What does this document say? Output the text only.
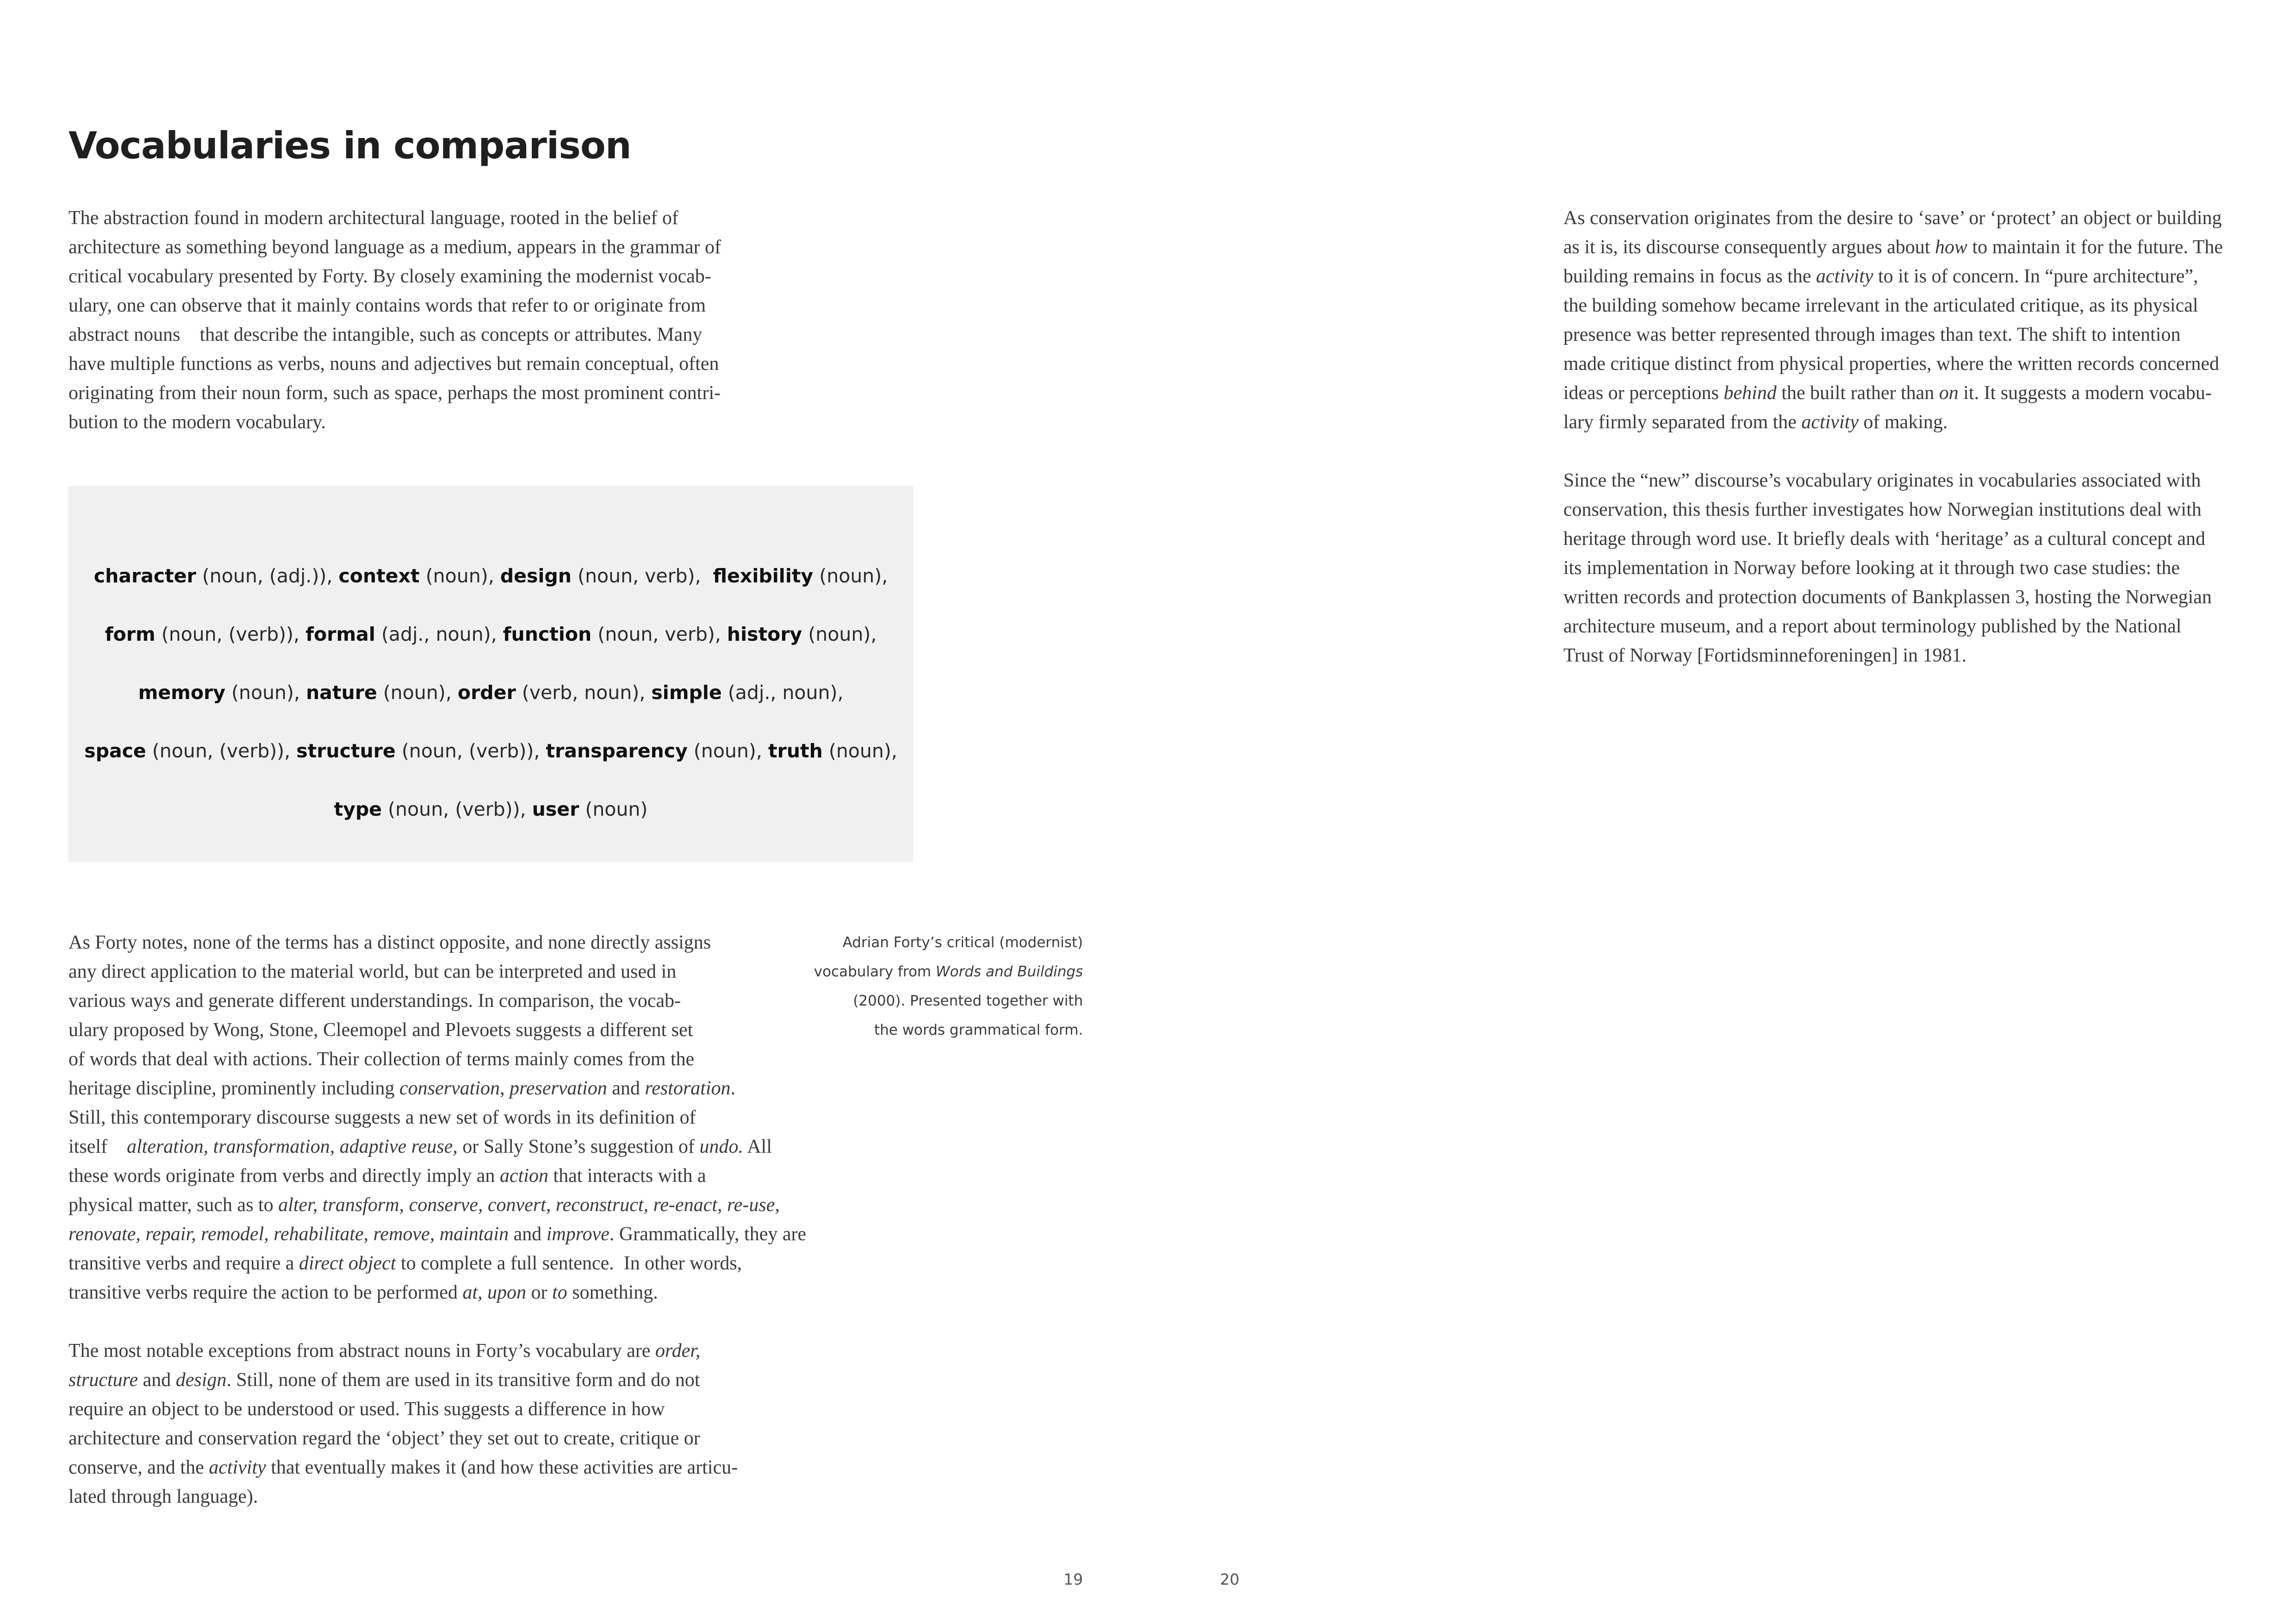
Vocabularies in comparison
The abstraction found in modern architectural language, rooted in the belief of
architecture as something beyond language as a medium, appears in the grammar of
critical vocabulary presented by Forty. By closely examining the modernist vocab-
ulary, one can observe that it mainly contains words that refer to or originate from
abstract nouns    that describe the intangible, such as concepts or attributes. Many
have multiple functions as verbs, nouns and adjectives but remain conceptual, often
originating from their noun form, such as space, perhaps the most prominent contri-
bution to the modern vocabulary.
character (noun, (adj.)), context (noun), design (noun, verb),  flexibility (noun),
form (noun, (verb)), formal (adj., noun), function (noun, verb), history (noun),
memory (noun), nature (noun), order (verb, noun), simple (adj., noun),
space (noun, (verb)), structure (noun, (verb)), transparency (noun), truth (noun),
type (noun, (verb)), user (noun)
As Forty notes, none of the terms has a distinct opposite, and none directly assigns
any direct application to the material world, but can be interpreted and used in
various ways and generate different understandings. In comparison, the vocab-
ulary proposed by Wong, Stone, Cleemopel and Plevoets suggests a different set
of words that deal with actions. Their collection of terms mainly comes from the
heritage discipline, prominently including conservation, preservation and restoration.
Still, this contemporary discourse suggests a new set of words in its definition of
itself    alteration, transformation, adaptive reuse, or Sally Stone’s suggestion of undo. All
these words originate from verbs and directly imply an action that interacts with a
physical matter, such as to alter, transform, conserve, convert, reconstruct, re-enact, re-use,
renovate, repair, remodel, rehabilitate, remove, maintain and improve. Grammatically, they are
transitive verbs and require a direct object to complete a full sentence.  In other words,
transitive verbs require the action to be performed at, upon or to something.
The most notable exceptions from abstract nouns in Forty’s vocabulary are order,
structure and design. Still, none of them are used in its transitive form and do not
require an object to be understood or used. This suggests a difference in how
architecture and conservation regard the ‘object’ they set out to create, critique or
conserve, and the activity that eventually makes it (and how these activities are articu-
lated through language).
Adrian Forty’s critical (modernist)
vocabulary from Words and Buildings
(2000). Presented together with
the words grammatical form.
19
As conservation originates from the desire to ‘save’ or ‘protect’ an object or building
as it is, its discourse consequently argues about how to maintain it for the future. The
building remains in focus as the activity to it is of concern. In “pure architecture”,
the building somehow became irrelevant in the articulated critique, as its physical
presence was better represented through images than text. The shift to intention
made critique distinct from physical properties, where the written records concerned
ideas or perceptions behind the built rather than on it. It suggests a modern vocabu-
lary firmly separated from the activity of making.
Since the “new” discourse’s vocabulary originates in vocabularies associated with
conservation, this thesis further investigates how Norwegian institutions deal with
heritage through word use. It briefly deals with ‘heritage’ as a cultural concept and
its implementation in Norway before looking at it through two case studies: the
written records and protection documents of Bankplassen 3, hosting the Norwegian
architecture museum, and a report about terminology published by the National
Trust of Norway [Fortidsminneforeningen] in 1981.
20
